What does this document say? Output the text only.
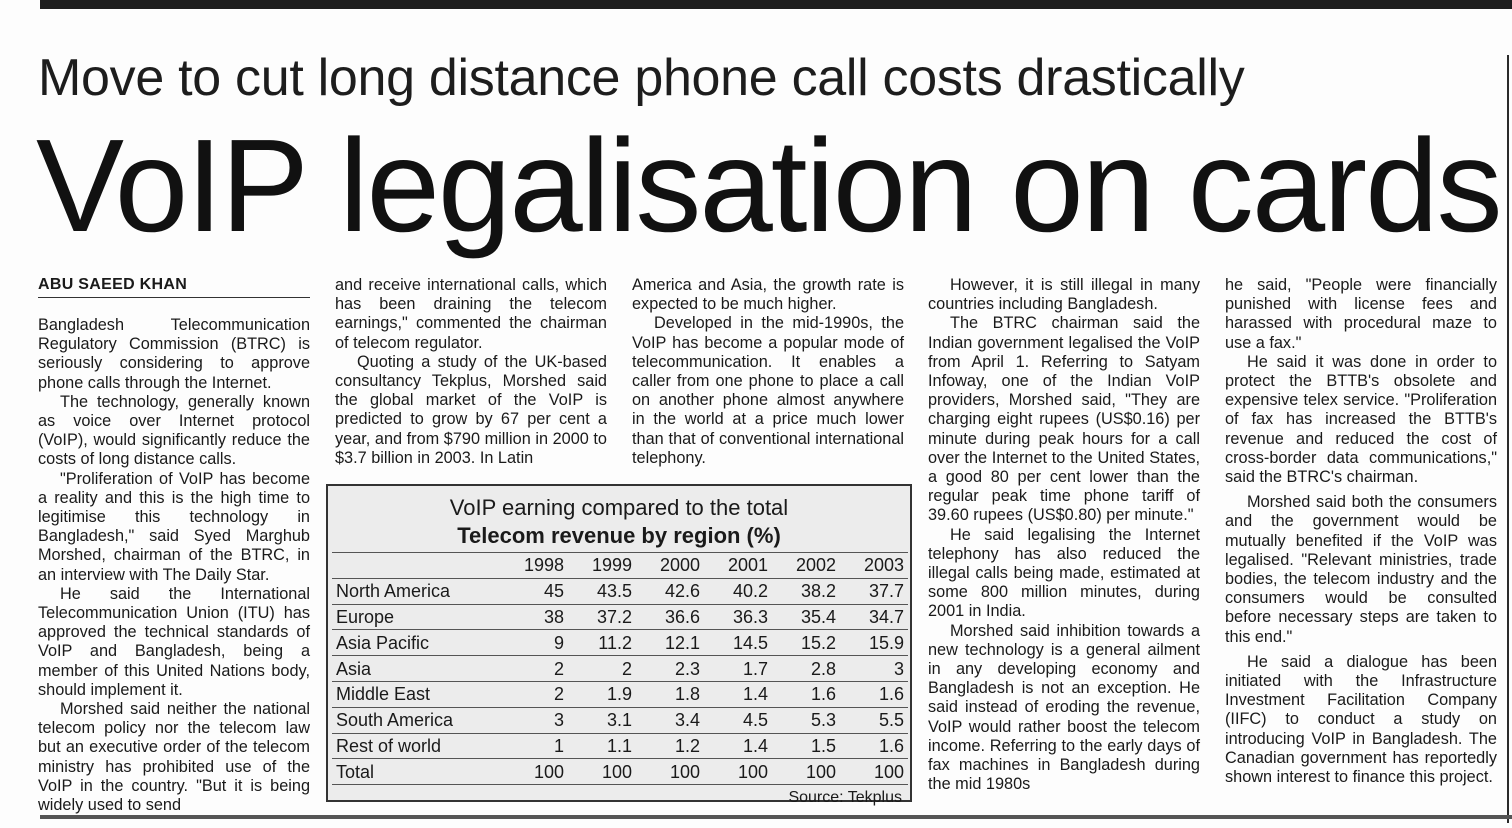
Move to cut long distance phone call costs drastically
VoIP legalisation on cards
ABU SAEED KHAN

Bangladesh Telecommunication Regulatory Commission (BTRC) is seriously considering to approve phone calls through the Internet.

The technology, generally known as voice over Internet protocol (VoIP), would significantly reduce the costs of long distance calls.

"Proliferation of VoIP has become a reality and this is the high time to legitimise this technology in Bangladesh," said Syed Marghub Morshed, chairman of the BTRC, in an interview with The Daily Star.

He said the International Telecommunication Union (ITU) has approved the technical standards of VoIP and Bangladesh, being a member of this United Nations body, should implement it.

Morshed said neither the national telecom policy nor the telecom law but an executive order of the telecom ministry has prohibited use of the VoIP in the country. "But it is being widely used to send

and receive international calls, which has been draining the telecom earnings," commented the chairman of telecom regulator.

Quoting a study of the UK-based consultancy Tekplus, Morshed said the global market of the VoIP is predicted to grow by 67 per cent a year, and from $790 million in 2000 to $3.7 billion in 2003. In Latin

America and Asia, the growth rate is expected to be much higher.

Developed in the mid-1990s, the VoIP has become a popular mode of telecommunication. It enables a caller from one phone to place a call on another phone almost anywhere in the world at a price much lower than that of conventional international telephony.

However, it is still illegal in many countries including Bangladesh.

The BTRC chairman said the Indian government legalised the VoIP from April 1. Referring to Satyam Infoway, one of the Indian VoIP providers, Morshed said, "They are charging eight rupees (US$0.16) per minute during peak hours for a call over the Internet to the United States, a good 80 per cent lower than the regular peak time phone tariff of 39.60 rupees (US$0.80) per minute."

He said legalising the Internet telephony has also reduced the illegal calls being made, estimated at some 800 million minutes, during 2001 in India.

Morshed said inhibition towards a new technology is a general ailment in any developing economy and Bangladesh is not an exception. He said instead of eroding the revenue, VoIP would rather boost the telecom income. Referring to the early days of fax machines in Bangladesh during the mid 1980s

he said, "People were financially punished with license fees and harassed with procedural maze to use a fax."

He said it was done in order to protect the BTTB's obsolete and expensive telex service. "Proliferation of fax has increased the BTTB's revenue and reduced the cost of cross-border data communications," said the BTRC's chairman.

Morshed said both the consumers and the government would be mutually benefited if the VoIP was legalised. "Relevant ministries, trade bodies, the telecom industry and the consumers would be consulted before necessary steps are taken to this end."

He said a dialogue has been initiated with the Infrastructure Investment Facilitation Company (IIFC) to conduct a study on introducing VoIP in Bangladesh. The Canadian government has reportedly shown interest to finance this project.

VoIP earning compared to the total
Telecom revenue by region (%)
	1998	1999	2000	2001	2002	2003
North America	45	43.5	42.6	40.2	38.2	37.7
Europe	38	37.2	36.6	36.3	35.4	34.7
Asia Pacific	9	11.2	12.1	14.5	15.2	15.9
Asia	2	2	2.3	1.7	2.8	3
Middle East	2	1.9	1.8	1.4	1.6	1.6
South America	3	3.1	3.4	4.5	5.3	5.5
Rest of world	1	1.1	1.2	1.4	1.5	1.6
Total	100	100	100	100	100	100
Source: Tekplus
